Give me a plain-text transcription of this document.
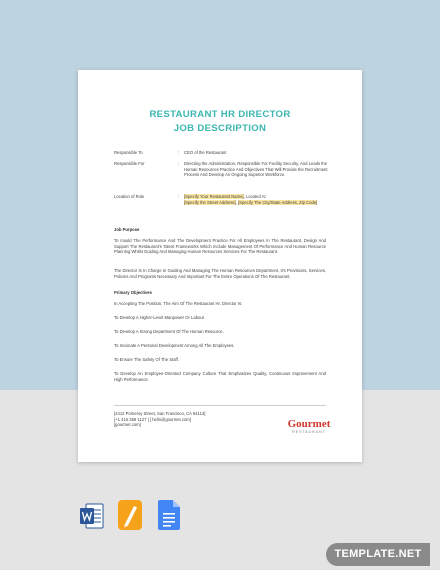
RESTAURANT HR DIRECTOR
JOB DESCRIPTION
Responsible To	: CEO of the Restaurant
Responsible For	: Directing the Administration, Responsible For Facility Security, And Leads the Human Resources Practice And Objectives That Will Provide the Recruitment Process And Develop An Ongoing Superior Workforce.
Location of Role	: [Specify Your Restaurant Name], Located At
[Specify the Street Address], [Specify The City/State Address, Zip Code]
Job Purpose
To mould The Performance And The Development Practice For All Employees In The Restaurant, Design And Support The Restaurant's Talent Frameworks Which Include Management Of Performance And Human Resource Planning Whilst Guiding And Managing Human Resources Services For The Restaurant.
The Director Is In Charge In Guiding And Managing The Human Resources Department, It's Provisions, Services, Policies And Programs Necessary And Important For The Entire Operations Of The Restaurant.
Primary Objectives
In Accepting The Position, The Aim Of The Restaurant Hr. Director Is:
To Develop A Higher-Level Manpower Or Labour.
To Develop A Strong Department Of The Human Resource.
To Inculcate A Personal Development Among All The Employees.
To Ensure The Safety Of The Staff.
To Develop An Employee-Oriented Company Culture That Emphasizes Quality, Continuous Improvement And High Performance.
[4412 Pomeroy Street, San Francisco, CA 94114]
[+1 415 358 1127 ] [ hello@gourmet.com]
[gourmet.com]	Gourmet
RESTAURANT
TEMPLATE.NET
